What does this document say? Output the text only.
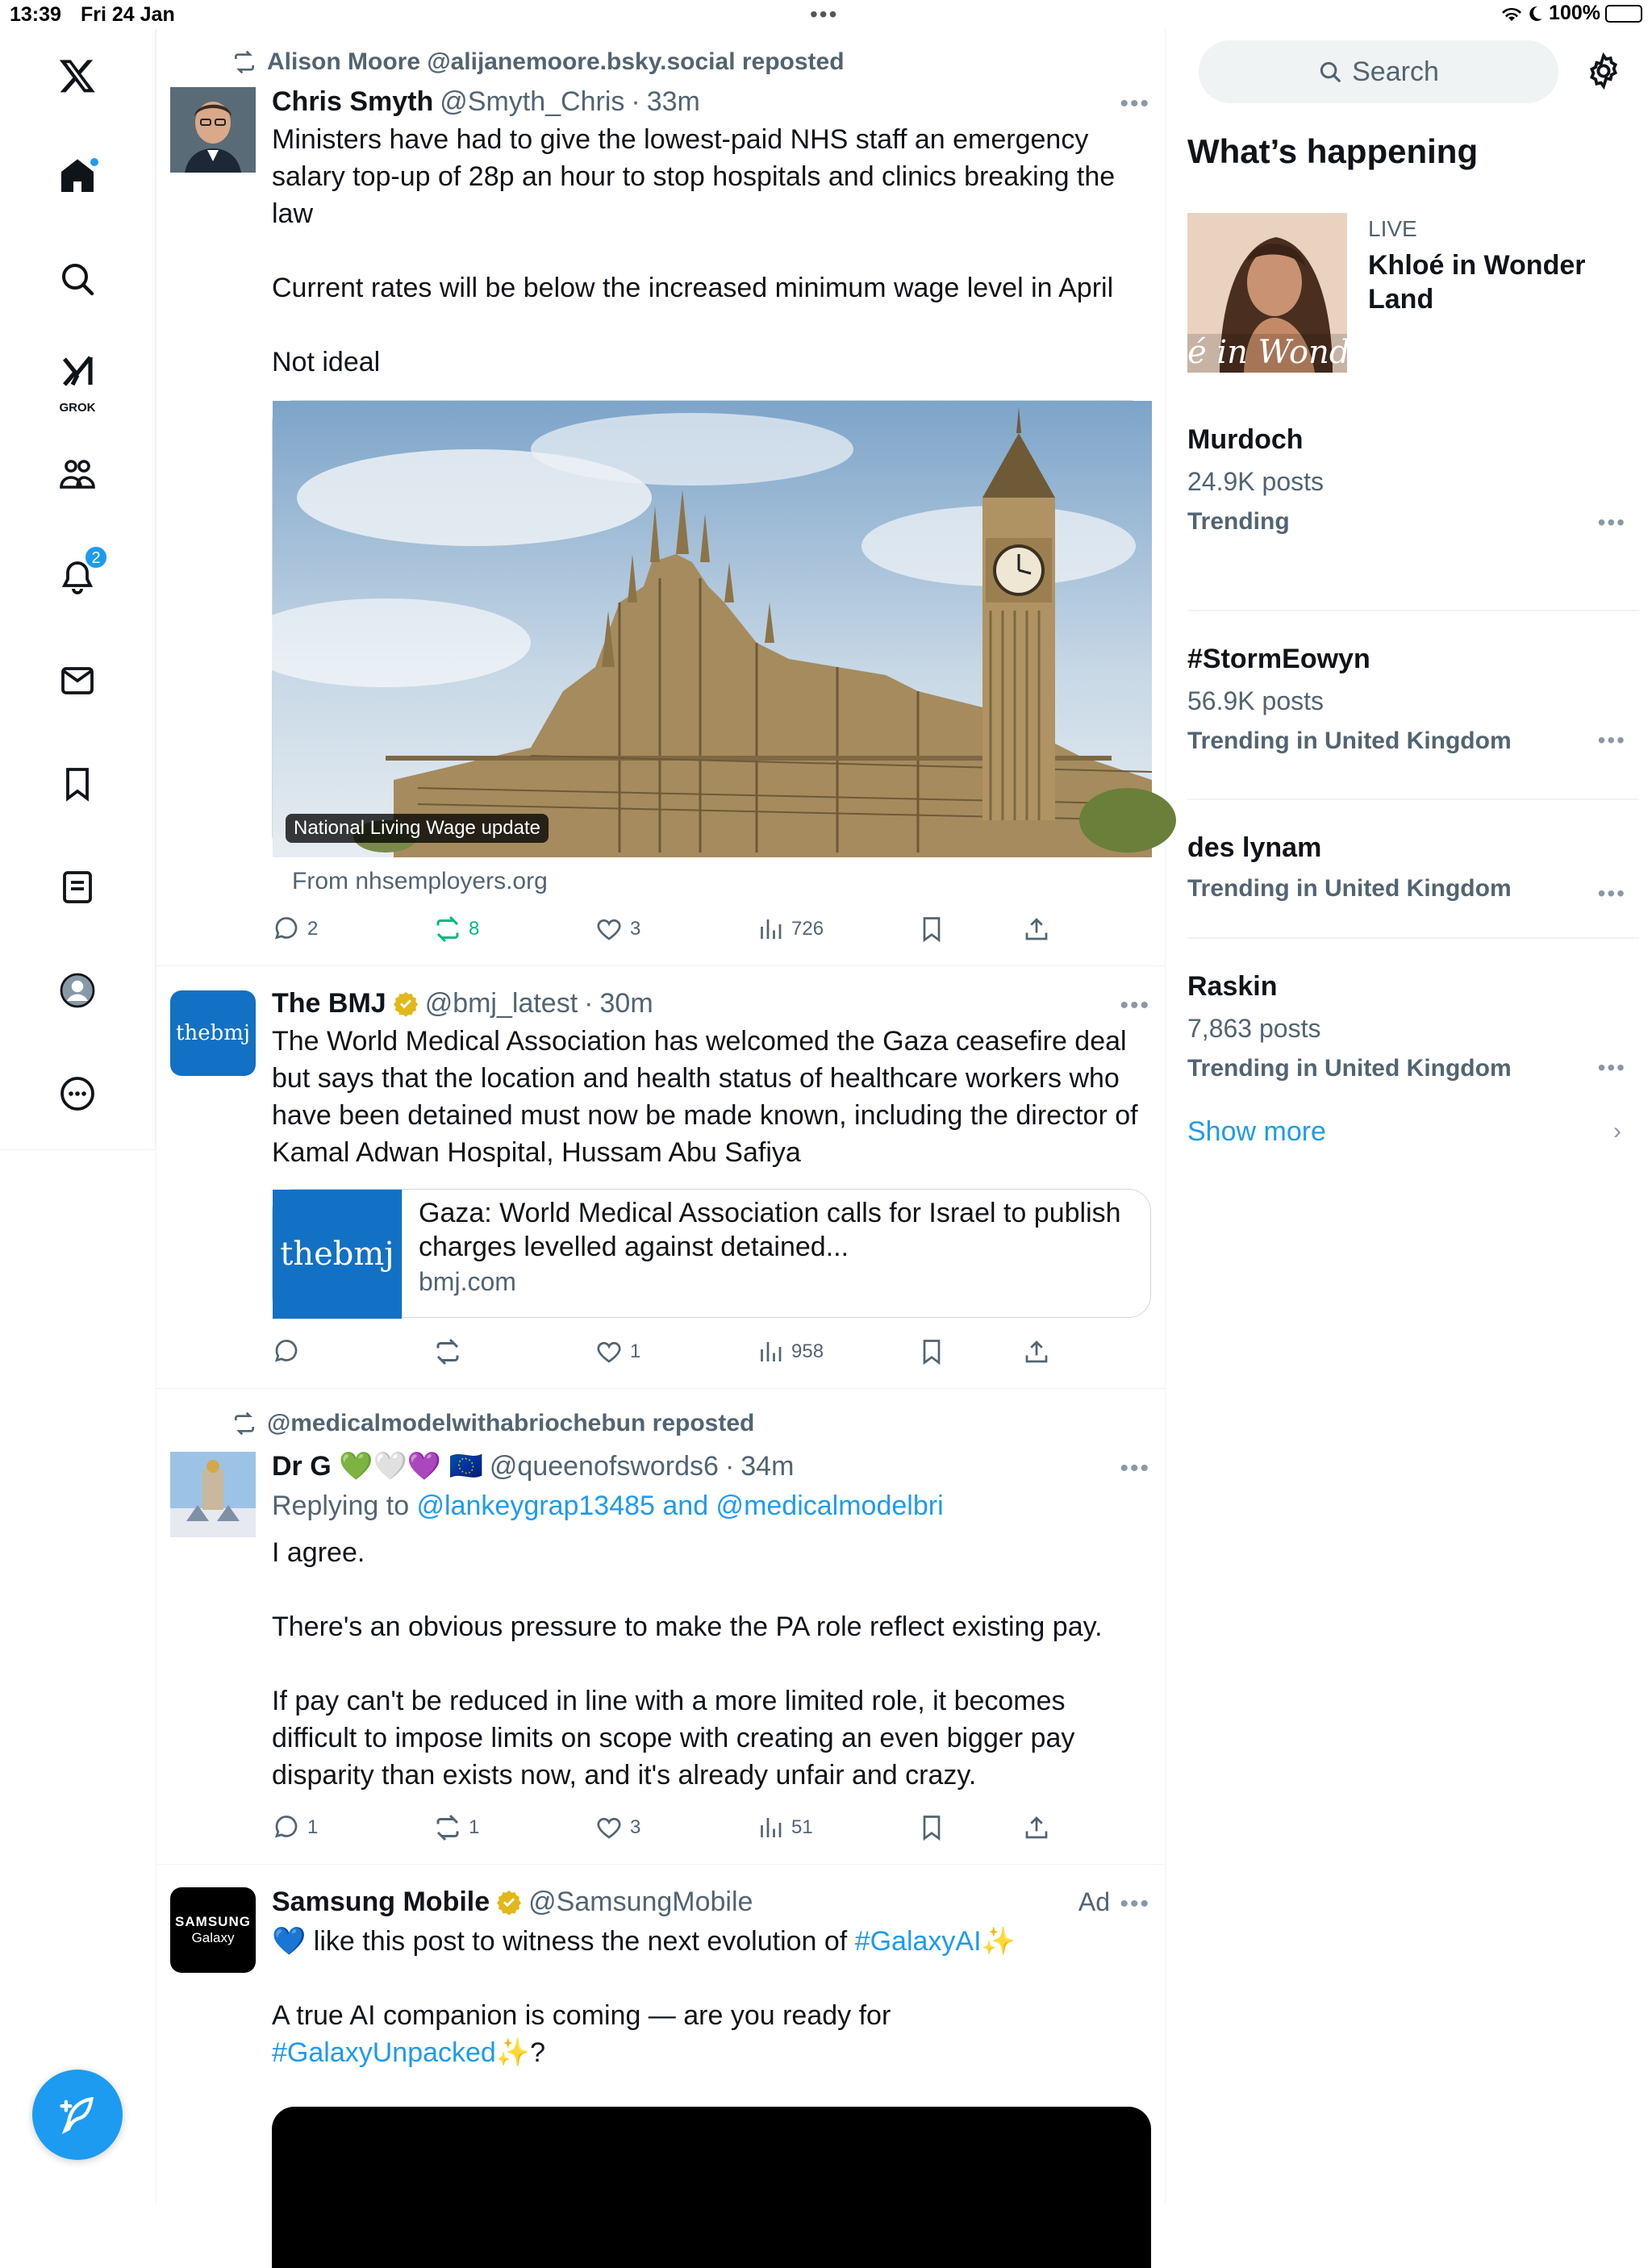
13:39 Fri 24 Jan	•••	100%
GROK
2
Alison Moore @alijanemoore.bsky.social reposted
Chris Smyth @Smyth_Chris · 33m
Ministers have had to give the lowest-paid NHS staff an emergency salary top-up of 28p an hour to stop hospitals and clinics breaking the law

Current rates will be below the increased minimum wage level in April

Not ideal
•••
National Living Wage update
From nhsemployers.org
2	8	3	726
thebmj
The BMJ @bmj_latest · 30m
The World Medical Association has welcomed the Gaza ceasefire deal but says that the location and health status of healthcare workers who have been detained must now be made known, including the director of Kamal Adwan Hospital, Hussam Abu Safiya
•••
thebmj
Gaza: World Medical Association calls for Israel to publish charges levelled against detained...
bmj.com
1	958
@medicalmodelwithabriochebun reposted
Dr G 💚🤍💜 🇪🇺 @queenofswords6 · 34m
Replying to @lankeygrap13485 and @medicalmodelbri
I agree.

There's an obvious pressure to make the PA role reflect existing pay.

If pay can't be reduced in line with a more limited role, it becomes difficult to impose limits on scope with creating an even bigger pay disparity than exists now, and it's already unfair and crazy.
•••
1	1	3	51
SAMSUNG
Galaxy
Samsung Mobile @SamsungMobile
💙 like this post to witness the next evolution of #GalaxyAI✨
A true AI companion is coming — are you ready for
#GalaxyUnpacked✨?
Ad •••
Search
What’s happening
é in Wonder l
LIVE
Khloé in Wonder Land
Murdoch
24.9K posts
Trending	•••
#StormEowyn
56.9K posts
Trending in United Kingdom	•••
des lynam
Trending in United Kingdom	•••
Raskin
7,863 posts
Trending in United Kingdom	•••
Show more	›
